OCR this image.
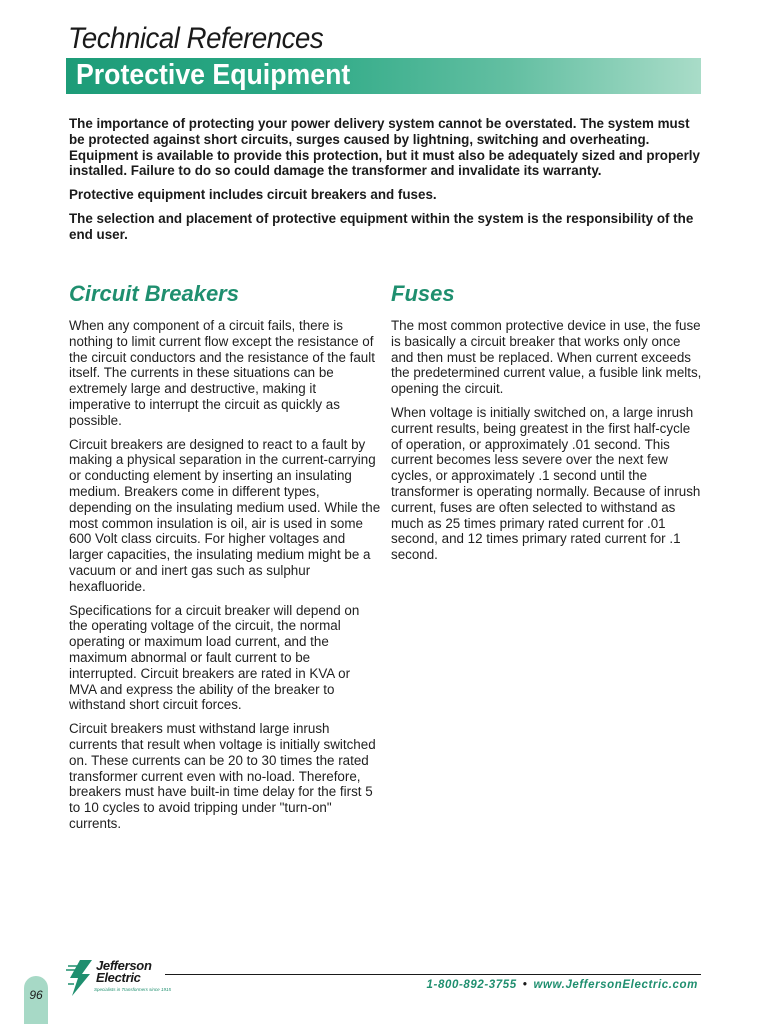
Technical References
Protective Equipment

The importance of protecting your power delivery system cannot be overstated. The system must be protected against short circuits, surges caused by lightning, switching and overheating. Equipment is available to provide this protection, but it must also be adequately sized and properly installed. Failure to do so could damage the transformer and invalidate its warranty.

Protective equipment includes circuit breakers and fuses.

The selection and placement of protective equipment within the system is the responsibility of the end user.

Circuit Breakers

When any component of a circuit fails, there is nothing to limit current flow except the resistance of the circuit conductors and the resistance of the fault itself. The currents in these situations can be extremely large and destructive, making it imperative to interrupt the circuit as quickly as possible.

Circuit breakers are designed to react to a fault by making a physical separation in the current-carrying or conducting element by inserting an insulating medium. Breakers come in different types, depending on the insulating medium used. While the most common insulation is oil, air is used in some 600 Volt class circuits. For higher voltages and larger capacities, the insulating medium might be a vacuum or and inert gas such as sulphur hexafluoride.

Specifications for a circuit breaker will depend on the operating voltage of the circuit, the normal operating or maximum load current, and the maximum abnormal or fault current to be interrupted. Circuit breakers are rated in KVA or MVA and express the ability of the breaker to withstand short circuit forces.

Circuit breakers must withstand large inrush currents that result when voltage is initially switched on. These currents can be 20 to 30 times the rated transformer current even with no-load. Therefore, breakers must have built-in time delay for the first 5 to 10 cycles to avoid tripping under "turn-on" currents.

Fuses

The most common protective device in use, the fuse is basically a circuit breaker that works only once and then must be replaced. When current exceeds the predetermined current value, a fusible link melts, opening the circuit.

When voltage is initially switched on, a large inrush current results, being greatest in the first half-cycle of operation, or approximately .01 second. This current becomes less severe over the next few cycles, or approximately .1 second until the transformer is operating normally. Because of inrush current, fuses are often selected to withstand as much as 25 times primary rated current for .01 second, and 12 times primary rated current for .1 second.

96
Jefferson
Electric
Specialists in Transformers since 1915	1-800-892-3755 • www.JeffersonElectric.com
